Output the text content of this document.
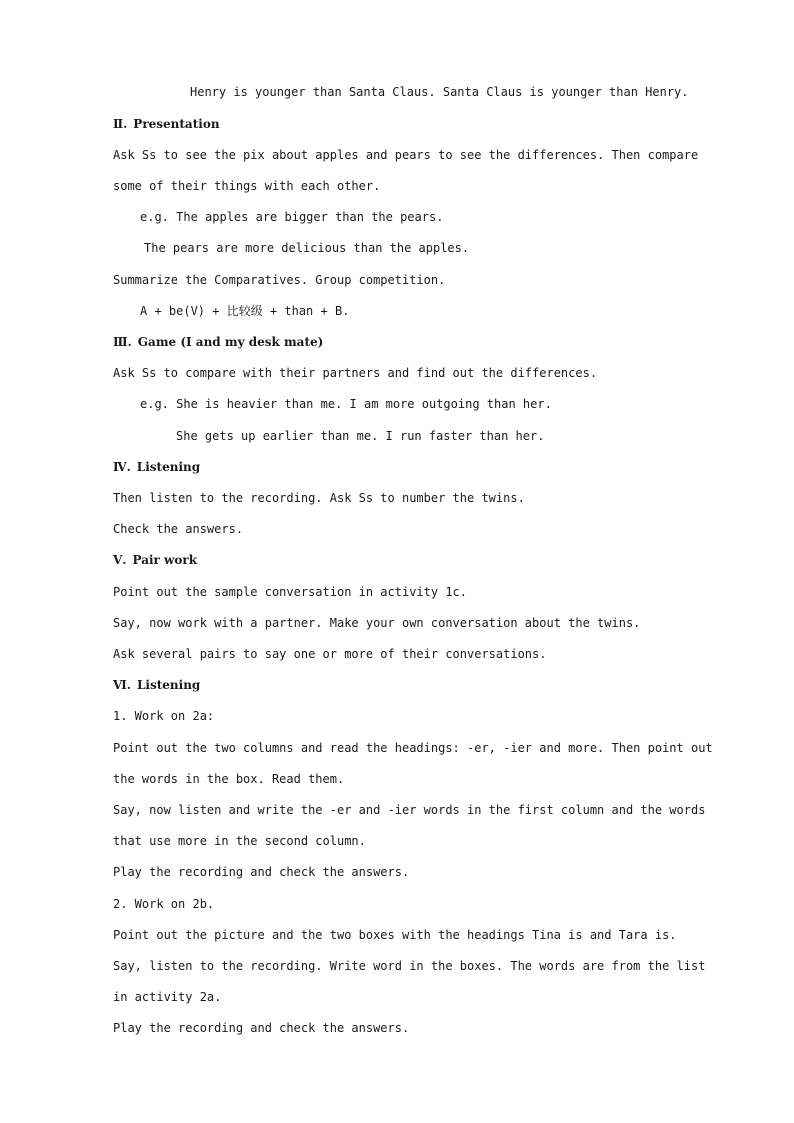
Henry is younger than Santa Claus. Santa Claus is younger than Henry.
Ⅱ. Presentation
Ask Ss to see the pix about apples and pears to see the differences. Then compare
some of their things with each other.
e.g. The apples are bigger than the pears.
The pears are more delicious than the apples.
Summarize the Comparatives. Group competition.
A + be(V) + 比较级 + than + B.
Ⅲ. Game (I and my desk mate)
Ask Ss to compare with their partners and find out the differences.
e.g. She is heavier than me. I am more outgoing than her.
She gets up earlier than me. I run faster than her.
Ⅳ. Listening
Then listen to the recording. Ask Ss to number the twins.
Check the answers.
Ⅴ. Pair work
Point out the sample conversation in activity 1c.
Say, now work with a partner. Make your own conversation about the twins.
Ask several pairs to say one or more of their conversations.
Ⅵ. Listening
1. Work on 2a:
Point out the two columns and read the headings: -er, -ier and more. Then point out
the words in the box. Read them.
Say, now listen and write the -er and -ier words in the first column and the words
that use more in the second column.
Play the recording and check the answers.
2. Work on 2b.
Point out the picture and the two boxes with the headings Tina is and Tara is.
Say, listen to the recording. Write word in the boxes. The words are from the list
in activity 2a.
Play the recording and check the answers.
